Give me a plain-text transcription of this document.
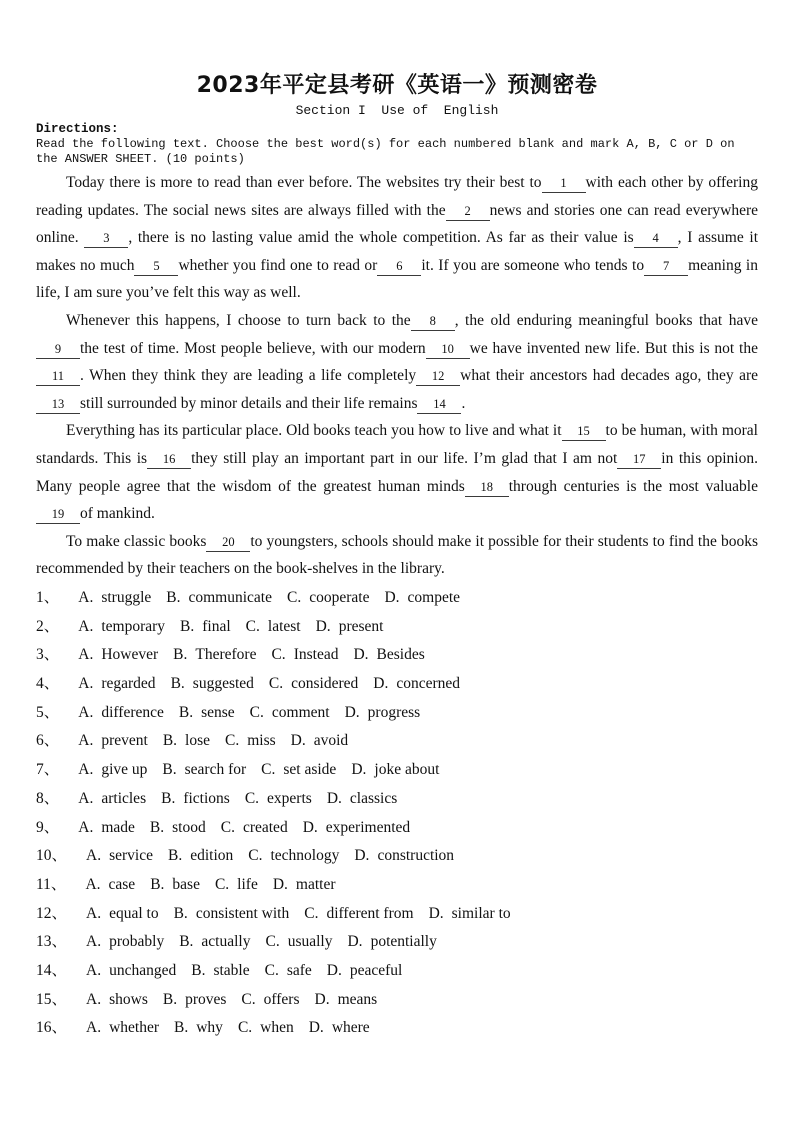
2023年平定县考研《英语一》预测密卷
Section I  Use of  English
Directions:
Read the following text. Choose the best word(s) for each numbered blank and mark A, B, C or D on the ANSWER SHEET. (10 points)

Today there is more to read than ever before. The websites try their best to 1 with each other by offering reading updates. The social news sites are always filled with the 2 news and stories one can read everywhere online. 3 , there is no lasting value amid the whole competition. As far as their value is 4 , I assume it makes no much 5 whether you find one to read or 6 it. If you are someone who tends to 7 meaning in life, I am sure you’ve felt this way as well.

Whenever this happens, I choose to turn back to the 8 , the old enduring meaningful books that have9 the test of time. Most people believe, with our modern 10 we have invented new life. But this is not the11 . When they think they are leading a life completely 12 what their ancestors had decades ago, they are13 still surrounded by minor details and their life remains 14 .

Everything has its particular place. Old books teach you how to live and what it 15 to be human, with moral standards. This is 16 they still play an important part in our life. I’m glad that I am not 17 in this opinion. Many people agree that the wisdom of the greatest human minds 18 through centuries is the most valuable19 of mankind.

To make classic books 20 to youngsters, schools should make it possible for their students to find the books recommended by their teachers on the book-shelves in the library.

1、 A. struggle B. communicate C. cooperate D. compete
2、 A. temporary B. final C. latest D. present
3、 A. However B. Therefore C. Instead D. Besides
4、 A. regarded B. suggested C. considered D. concerned
5、 A. difference B. sense C. comment D. progress
6、 A. prevent B. lose C. miss D. avoid
7、 A. give up B. search for C. set aside D. joke about
8、 A. articles B. fictions C. experts D. classics
9、 A. made B. stood C. created D. experimented
10、 A. service B. edition C. technology D. construction
11、 A. case B. base C. life D. matter
12、 A. equal to B. consistent with C. different from D. similar to
13、 A. probably B. actually C. usually D. potentially
14、 A. unchanged B. stable C. safe D. peaceful
15、 A. shows B. proves C. offers D. means
16、 A. whether B. why C. when D. where
